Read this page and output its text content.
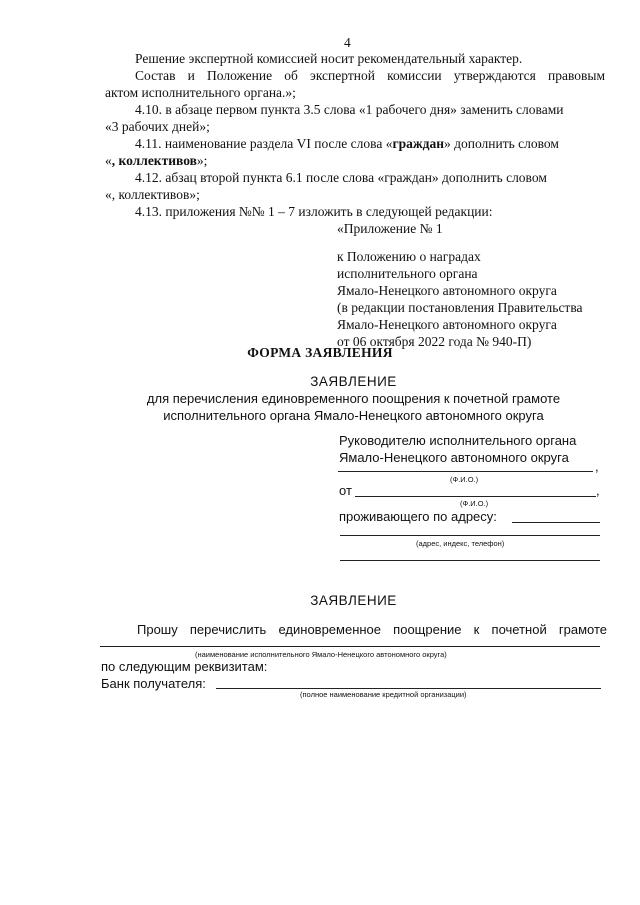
4
Решение экспертной комиссией носит рекомендательный характер.
Состав и Положение об экспертной комиссии утверждаются правовым
актом исполнительного органа.»;
4.10. в абзаце первом пункта 3.5 слова «1 рабочего дня» заменить словами
«3 рабочих дней»;
4.11. наименование раздела VI после слова «граждан» дополнить словом
«, коллективов»;
4.12. абзац второй пункта 6.1 после слова «граждан» дополнить словом
«, коллективов»;
4.13. приложения №№ 1 – 7 изложить в следующей редакции:
«Приложение № 1
к Положению о наградах
исполнительного органа
Ямало-Ненецкого автономного округа
(в редакции постановления Правительства
Ямало-Ненецкого автономного округа
от 06 октября 2022 года № 940-П)
ФОРМА ЗАЯВЛЕНИЯ
ЗАЯВЛЕНИЕ
для перечисления единовременного поощрения к почетной грамоте
исполнительного органа Ямало-Ненецкого автономного округа
Руководителю исполнительного органа
Ямало-Ненецкого автономного округа
,
(Ф.И.О.)
от	,
(Ф.И.О.)
проживающего по адресу:
(адрес, индекс, телефон)
ЗАЯВЛЕНИЕ
Прошу перечислить единовременное поощрение к почетной грамоте
(наименование исполнительного Ямало-Ненецкого автономного округа)
по следующим реквизитам:
Банк получателя:
(полное наименование кредитной организации)
